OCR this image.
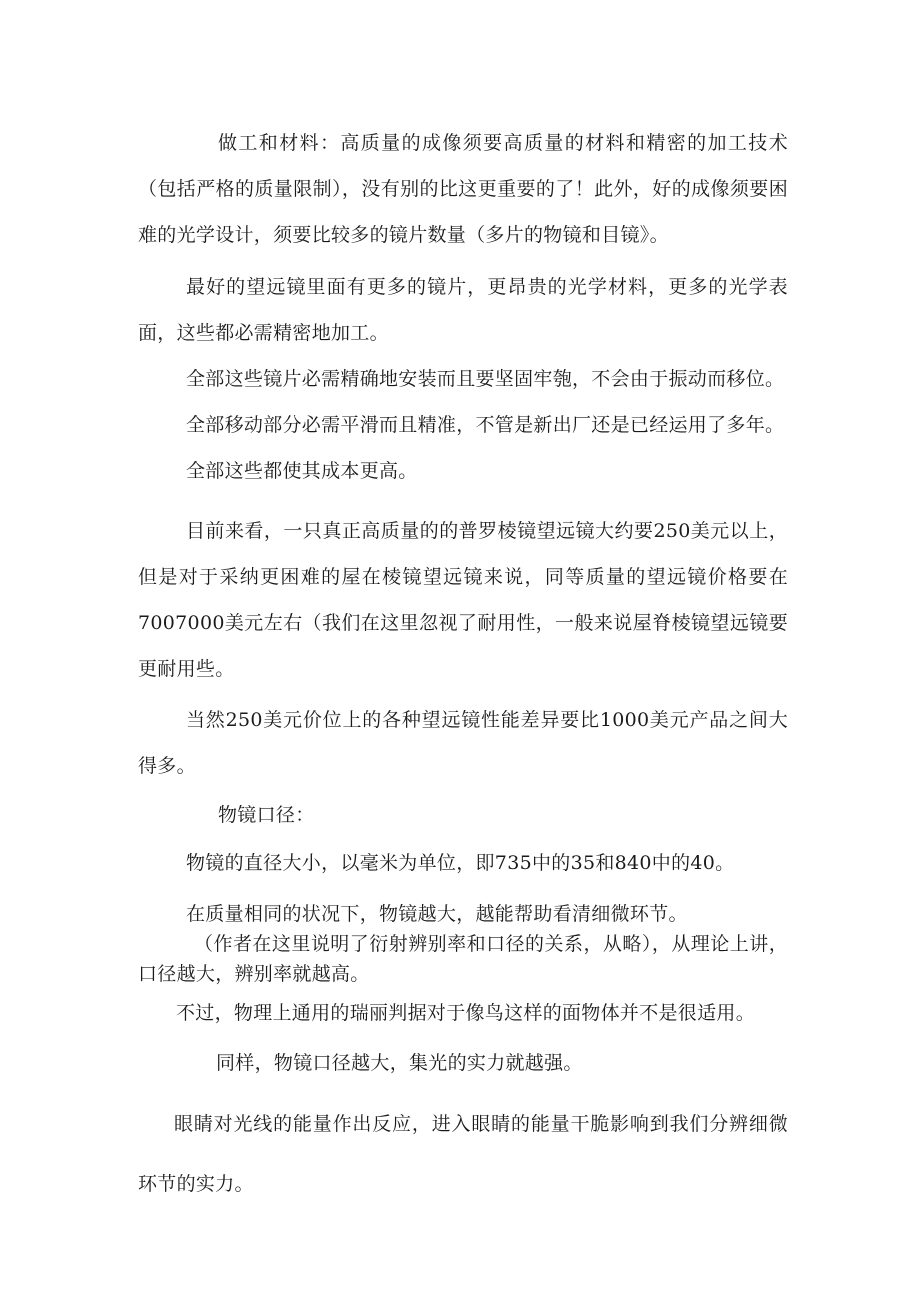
做工和材料：高质量的成像须要高质量的材料和精密的加工技术（包括严格的质量限制），没有别的比这更重要的了！此外，好的成像须要困难的光学设计，须要比较多的镜片数量（多片的物镜和目镜》。

最好的望远镜里面有更多的镜片，更昂贵的光学材料，更多的光学表面，这些都必需精密地加工。

全部这些镜片必需精确地安装而且要坚固牢匏，不会由于振动而移位。

全部移动部分必需平滑而且精准，不管是新出厂还是已经运用了多年。

全部这些都使其成本更高。

目前来看，一只真正高质量的的普罗棱镜望远镜大约要250美元以上，但是对于采纳更困难的屋在棱镜望远镜来说，同等质量的望远镜价格要在7007000美元左右（我们在这里忽视了耐用性，一般来说屋脊棱镜望远镜要更耐用些。

当然250美元价位上的各种望远镜性能差异要比1000美元产品之间大得多。

物镜口径：

物镜的直径大小，以毫米为单位，即735中的35和840中的40。

在质量相同的状况下，物镜越大，越能帮助看清细微环节。

（作者在这里说明了衍射辨别率和口径的关系，从略），从理论上讲，口径越大，辨别率就越高。

不过，物理上通用的瑞丽判据对于像鸟这样的面物体并不是很适用。

同样，物镜口径越大，集光的实力就越强。

眼睛对光线的能量作出反应，进入眼睛的能量干脆影响到我们分辨细微环节的实力。
